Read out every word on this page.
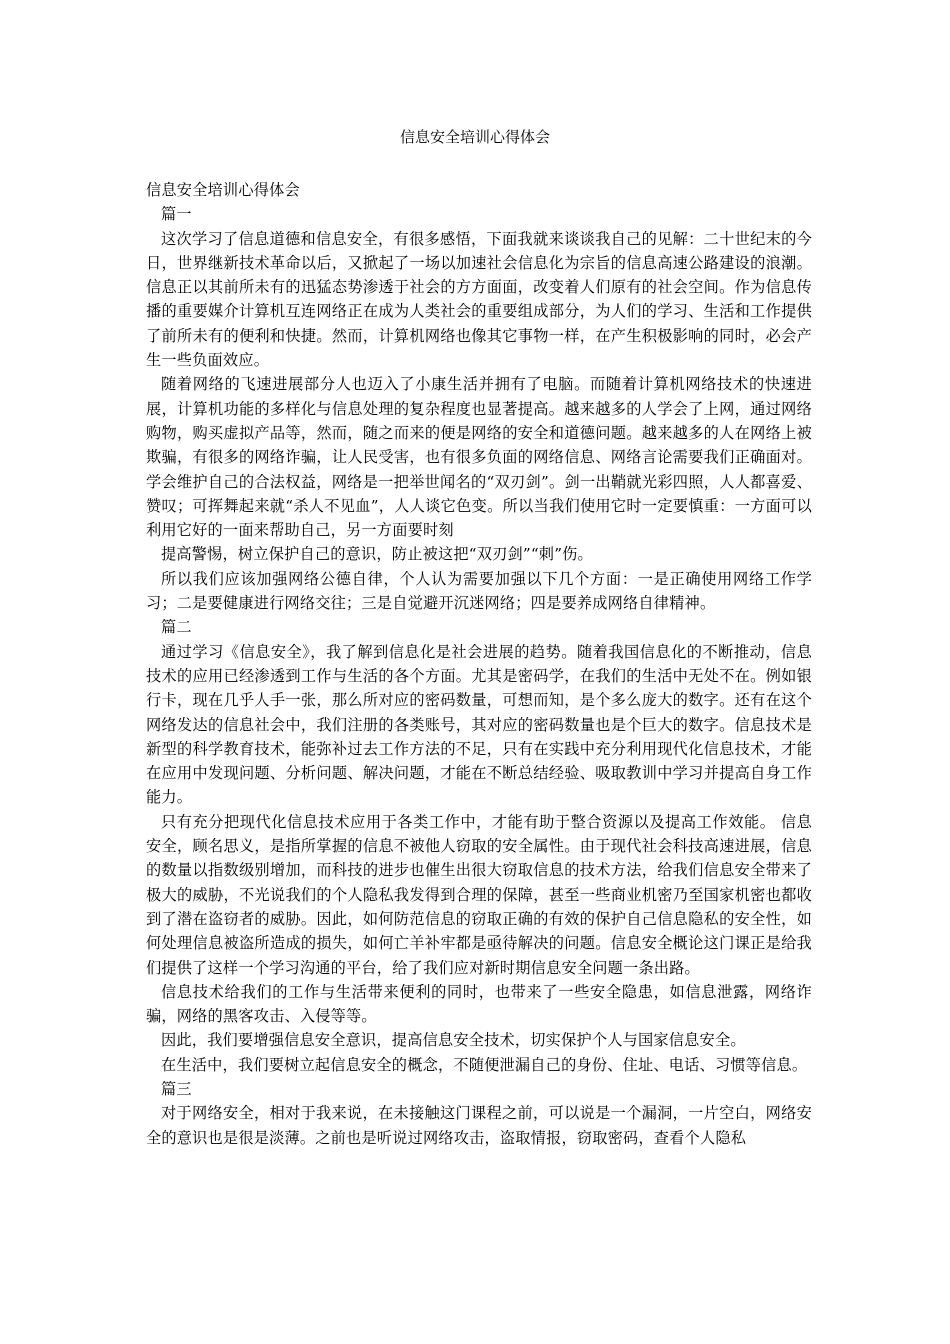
信息安全培训心得体会

信息安全培训心得体会

篇一

这次学习了信息道德和信息安全，有很多感悟，下面我就来谈谈我自己的见解：二十世纪末的今日，世界继新技术革命以后，又掀起了一场以加速社会信息化为宗旨的信息高速公路建设的浪潮。信息正以其前所未有的迅猛态势渗透于社会的方方面面，改变着人们原有的社会空间。作为信息传播的重要媒介计算机互连网络正在成为人类社会的重要组成部分，为人们的学习、生活和工作提供了前所未有的便利和快捷。然而，计算机网络也像其它事物一样，在产生积极影响的同时，必会产生一些负面效应。

随着网络的飞速进展部分人也迈入了小康生活并拥有了电脑。而随着计算机网络技术的快速进展，计算机功能的多样化与信息处理的复杂程度也显著提高。越来越多的人学会了上网，通过网络购物，购买虚拟产品等，然而，随之而来的便是网络的安全和道德问题。越来越多的人在网络上被欺骗，有很多的网络诈骗，让人民受害，也有很多负面的网络信息、网络言论需要我们正确面对。学会维护自己的合法权益，网络是一把举世闻名的“双刃剑”。剑一出鞘就光彩四照，人人都喜爱、赞叹；可挥舞起来就“杀人不见血”，人人谈它色变。所以当我们使用它时一定要慎重：一方面可以利用它好的一面来帮助自己，另一方面要时刻

提高警惕，树立保护自己的意识，防止被这把“双刃剑”“刺”伤。

所以我们应该加强网络公德自律，个人认为需要加强以下几个方面：一是正确使用网络工作学习；二是要健康进行网络交往；三是自觉避开沉迷网络；四是要养成网络自律精神。

篇二

通过学习《信息安全》，我了解到信息化是社会进展的趋势。随着我国信息化的不断推动，信息技术的应用已经渗透到工作与生活的各个方面。尤其是密码学，在我们的生活中无处不在。例如银行卡，现在几乎人手一张，那么所对应的密码数量，可想而知，是个多么庞大的数字。还有在这个网络发达的信息社会中，我们注册的各类账号，其对应的密码数量也是个巨大的数字。信息技术是新型的科学教育技术，能弥补过去工作方法的不足，只有在实践中充分利用现代化信息技术，才能在应用中发现问题、分析问题、解决问题，才能在不断总结经验、吸取教训中学习并提高自身工作能力。

只有充分把现代化信息技术应用于各类工作中，才能有助于整合资源以及提高工作效能。 信息安全，顾名思义，是指所掌握的信息不被他人窃取的安全属性。由于现代社会科技高速进展，信息的数量以指数级别增加，而科技的进步也催生出很大窃取信息的技术方法，给我们信息安全带来了极大的威胁，不光说我们的个人隐私我发得到合理的保障，甚至一些商业机密乃至国家机密也都收到了潜在盗窃者的威胁。因此，如何防范信息的窃取正确的有效的保护自己信息隐私的安全性，如何处理信息被盗所造成的损失，如何亡羊补牢都是亟待解决的问题。信息安全概论这门课正是给我们提供了这样一个学习沟通的平台，给了我们应对新时期信息安全问题一条出路。

信息技术给我们的工作与生活带来便利的同时，也带来了一些安全隐患，如信息泄露，网络诈骗，网络的黑客攻击、入侵等等。

因此，我们要增强信息安全意识，提高信息安全技术，切实保护个人与国家信息安全。

在生活中，我们要树立起信息安全的概念，不随便泄漏自己的身份、住址、电话、习惯等信息。

篇三

对于网络安全，相对于我来说，在未接触这门课程之前，可以说是一个漏洞，一片空白，网络安全的意识也是很是淡薄。之前也是听说过网络攻击，盗取情报，窃取密码，查看个人隐私
